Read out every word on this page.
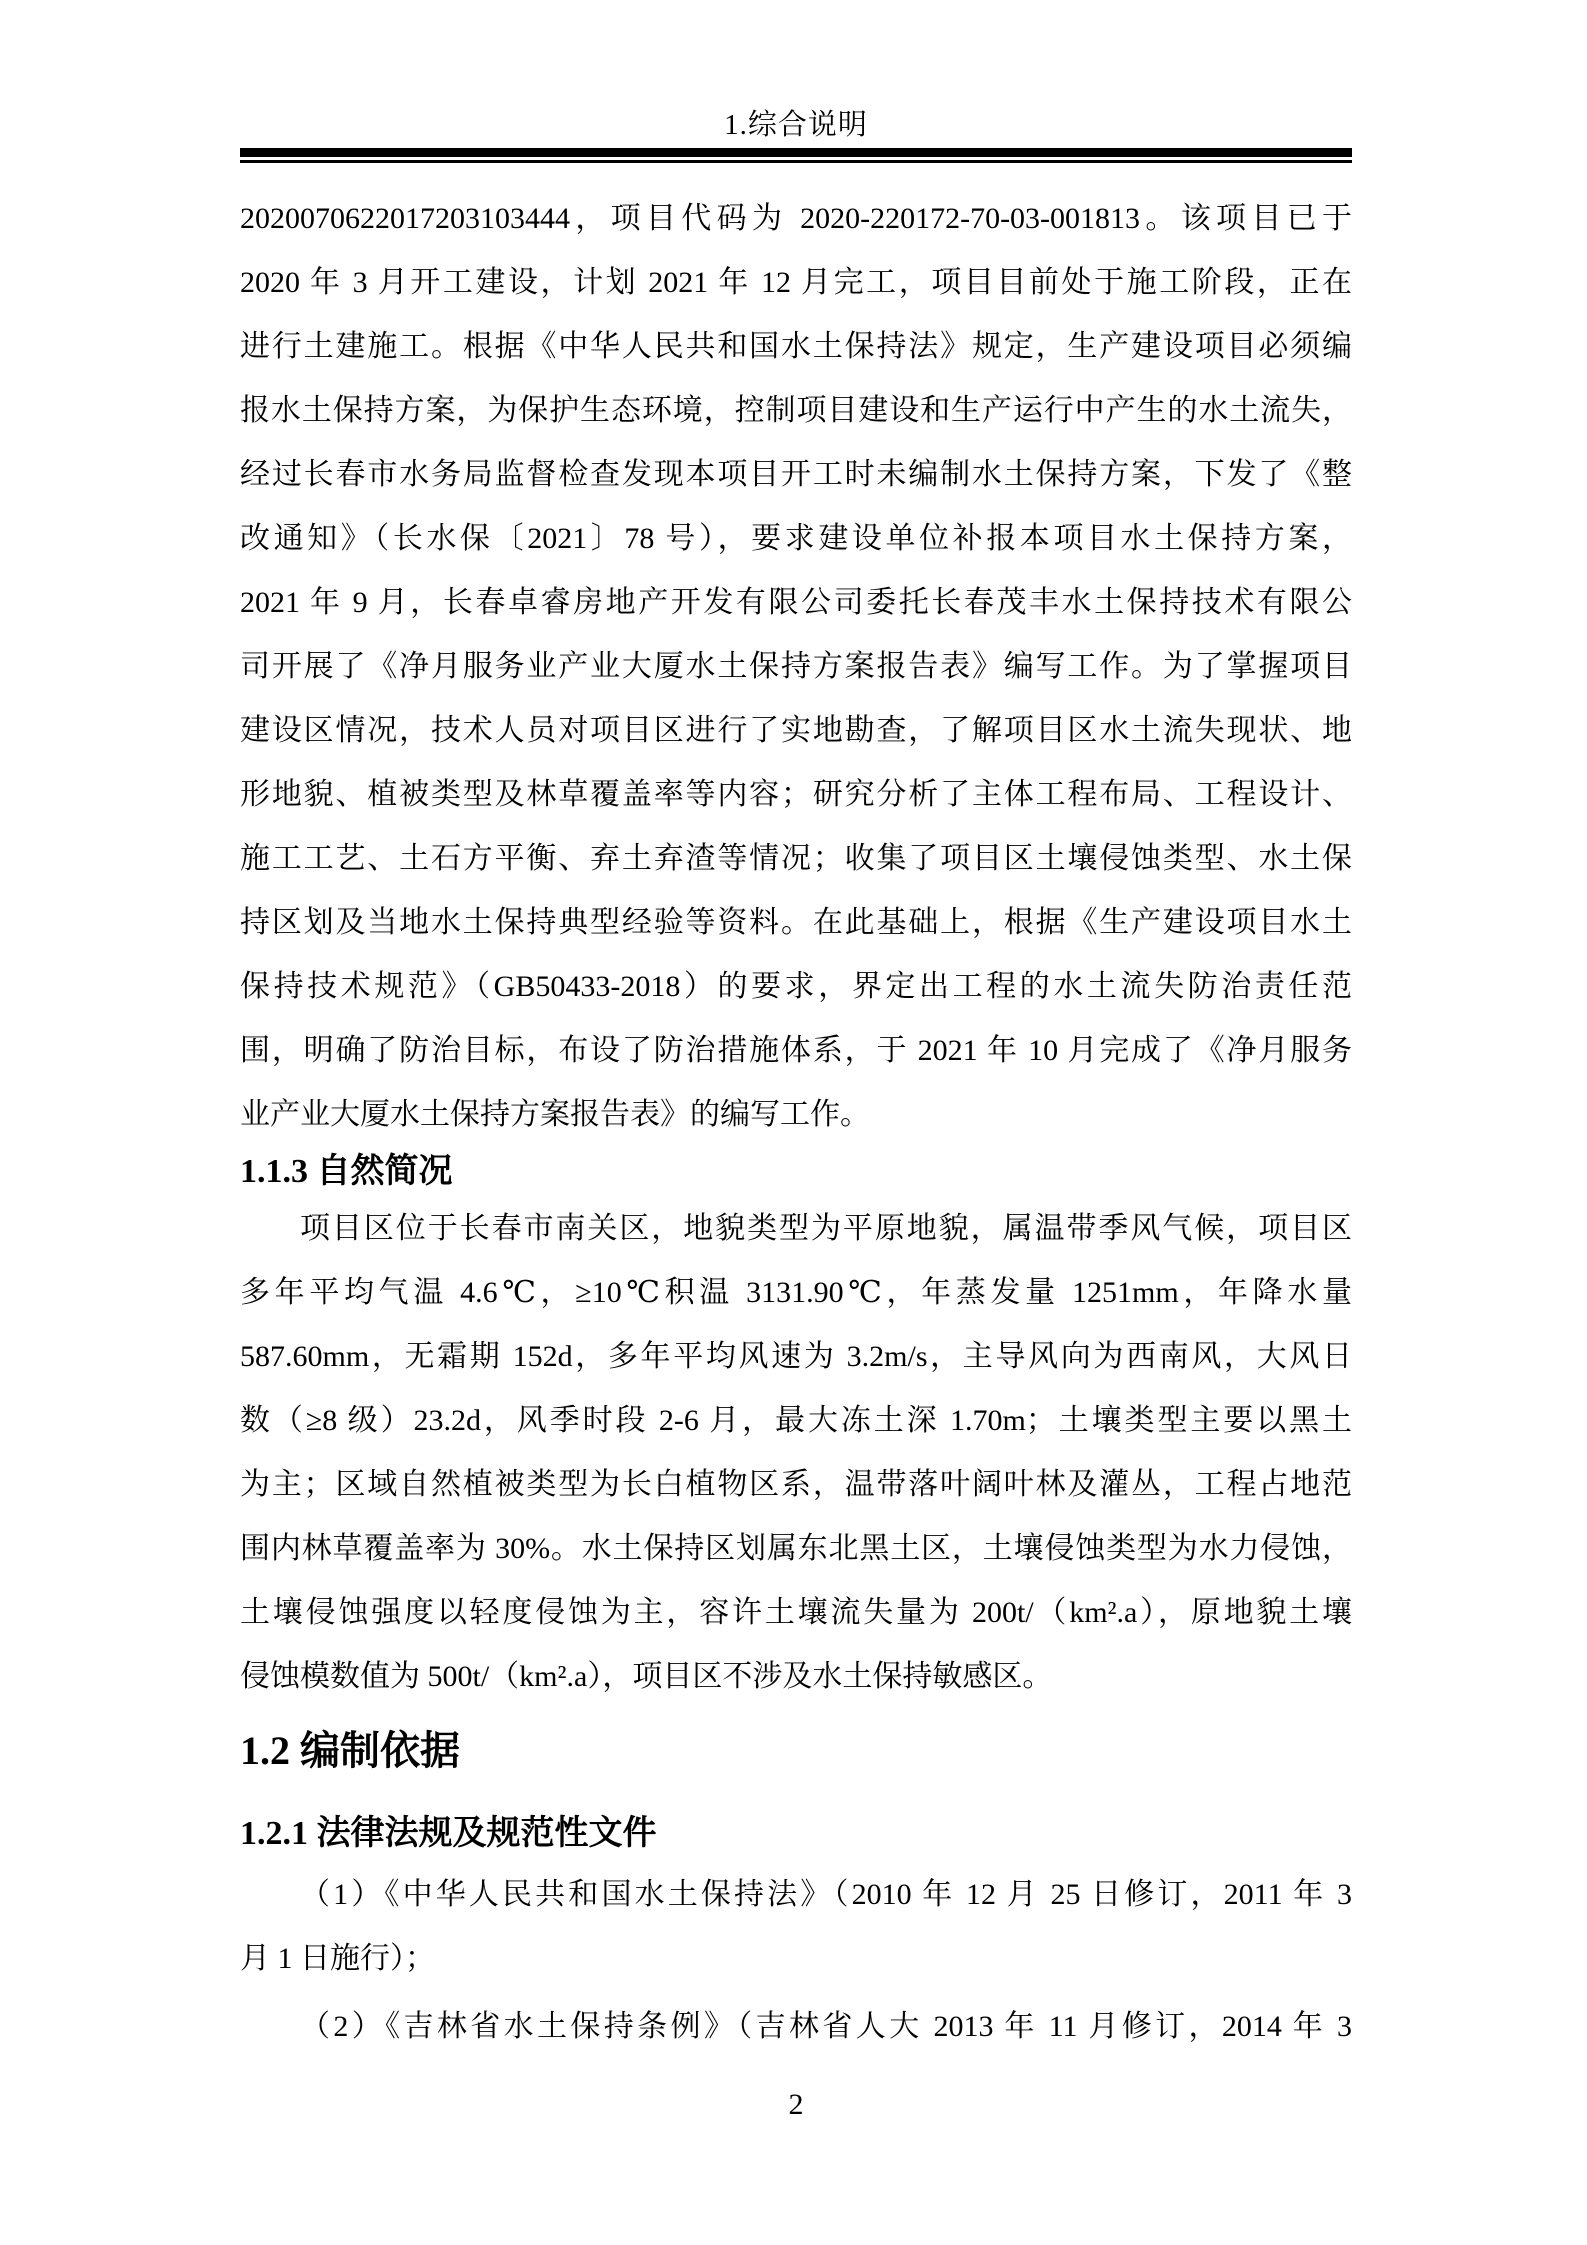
1.综合说明
2020070622017203103444，项目代码为 2020-220172-70-03-001813。该项目已于
2020 年 3 月开工建设，计划 2021 年 12 月完工，项目目前处于施工阶段，正在
进行土建施工。根据《中华人民共和国水土保持法》规定，生产建设项目必须编
报水土保持方案，为保护生态环境，控制项目建设和生产运行中产生的水土流失，
经过长春市水务局监督检查发现本项目开工时未编制水土保持方案，下发了《整
改通知》（长水保〔2021〕78 号），要求建设单位补报本项目水土保持方案，
2021 年 9 月，长春卓睿房地产开发有限公司委托长春茂丰水土保持技术有限公
司开展了《净月服务业产业大厦水土保持方案报告表》编写工作。为了掌握项目
建设区情况，技术人员对项目区进行了实地勘查，了解项目区水土流失现状、地
形地貌、植被类型及林草覆盖率等内容；研究分析了主体工程布局、工程设计、
施工工艺、土石方平衡、弃土弃渣等情况；收集了项目区土壤侵蚀类型、水土保
持区划及当地水土保持典型经验等资料。在此基础上，根据《生产建设项目水土
保持技术规范》（GB50433-2018）的要求，界定出工程的水土流失防治责任范
围，明确了防治目标，布设了防治措施体系，于 2021 年 10 月完成了《净月服务
业产业大厦水土保持方案报告表》的编写工作。
1.1.3 自然简况
项目区位于长春市南关区，地貌类型为平原地貌，属温带季风气候，项目区
多年平均气温 4.6℃，≥10℃积温 3131.90℃，年蒸发量 1251mm，年降水量
587.60mm，无霜期 152d，多年平均风速为 3.2m/s，主导风向为西南风，大风日
数（≥8 级）23.2d，风季时段 2-6 月，最大冻土深 1.70m；土壤类型主要以黑土
为主；区域自然植被类型为长白植物区系，温带落叶阔叶林及灌丛，工程占地范
围内林草覆盖率为 30%。水土保持区划属东北黑土区，土壤侵蚀类型为水力侵蚀，
土壤侵蚀强度以轻度侵蚀为主，容许土壤流失量为 200t/（km².a），原地貌土壤
侵蚀模数值为 500t/（km².a），项目区不涉及水土保持敏感区。
1.2 编制依据
1.2.1 法律法规及规范性文件
（1）《中华人民共和国水土保持法》（2010 年 12 月 25 日修订，2011 年 3
月 1 日施行）；
（2）《吉林省水土保持条例》（吉林省人大 2013 年 11 月修订，2014 年 3
2
